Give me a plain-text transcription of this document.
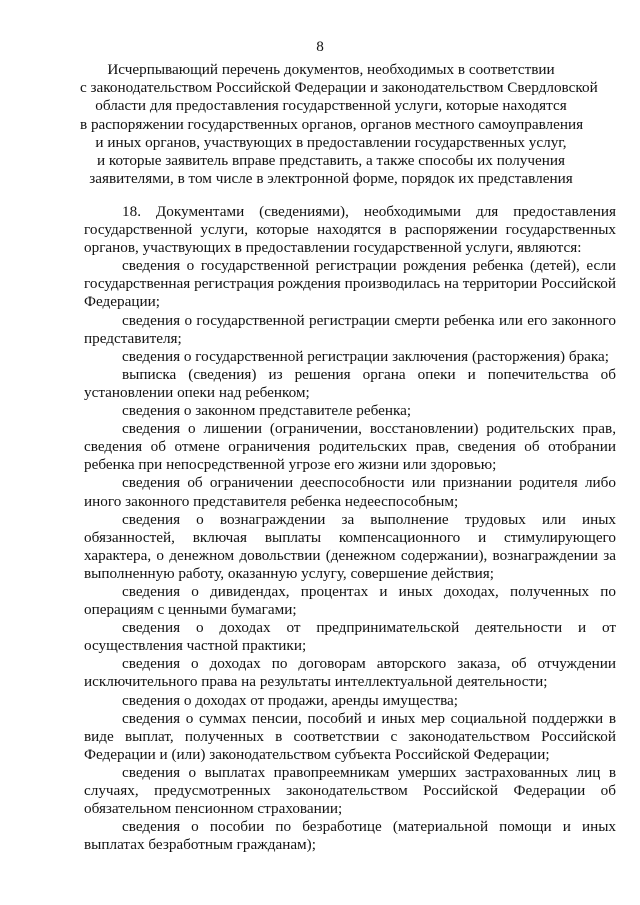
8
Исчерпывающий перечень документов, необходимых в соответствии
с законодательством Российской Федерации и законодательством Свердловской
области для предоставления государственной услуги, которые находятся
в распоряжении государственных органов, органов местного самоуправления
и иных органов, участвующих в предоставлении государственных услуг,
и которые заявитель вправе представить, а также способы их получения
заявителями, в том числе в электронной форме, порядок их представления

18. Документами (сведениями), необходимыми для предоставления государственной услуги, которые находятся в распоряжении государственных органов, участвующих в предоставлении государственной услуги, являются:

сведения о государственной регистрации рождения ребенка (детей), если государственная регистрация рождения производилась на территории Российской Федерации;

сведения о государственной регистрации смерти ребенка или его законного представителя;

сведения о государственной регистрации заключения (расторжения) брака;

выписка (сведения) из решения органа опеки и попечительства об установлении опеки над ребенком;

сведения о законном представителе ребенка;

сведения о лишении (ограничении, восстановлении) родительских прав, сведения об отмене ограничения родительских прав, сведения об отобрании ребенка при непосредственной угрозе его жизни или здоровью;

сведения об ограничении дееспособности или признании родителя либо иного законного представителя ребенка недееспособным;

сведения о вознаграждении за выполнение трудовых или иных обязанностей, включая выплаты компенсационного и стимулирующего характера, о денежном довольствии (денежном содержании), вознаграждении за выполненную работу, оказанную услугу, совершение действия;

сведения о дивидендах, процентах и иных доходах, полученных по операциям с ценными бумагами;

сведения о доходах от предпринимательской деятельности и от осуществления частной практики;

сведения о доходах по договорам авторского заказа, об отчуждении исключительного права на результаты интеллектуальной деятельности;

сведения о доходах от продажи, аренды имущества;

сведения о суммах пенсии, пособий и иных мер социальной поддержки в виде выплат, полученных в соответствии с законодательством Российской Федерации и (или) законодательством субъекта Российской Федерации;

сведения о выплатах правопреемникам умерших застрахованных лиц в случаях, предусмотренных законодательством Российской Федерации об обязательном пенсионном страховании;

сведения о пособии по безработице (материальной помощи и иных выплатах безработным гражданам);
